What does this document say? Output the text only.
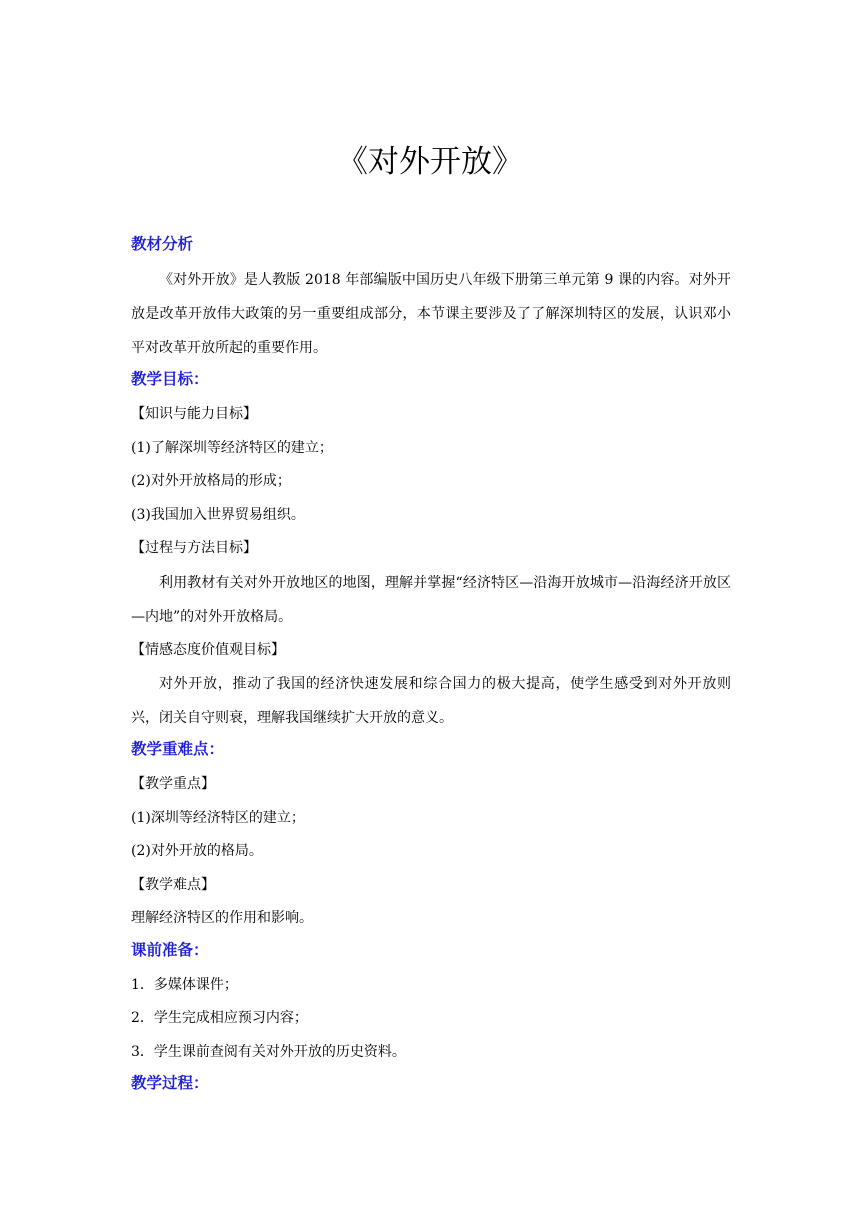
《对外开放》
教材分析

《对外开放》是人教版 2018 年部编版中国历史八年级下册第三单元第 9 课的内容。对外开放是改革开放伟大政策的另一重要组成部分，本节课主要涉及了了解深圳特区的发展，认识邓小平对改革开放所起的重要作用。

教学目标：
【知识与能力目标】
(1)了解深圳等经济特区的建立；
(2)对外开放格局的形成；
(3)我国加入世界贸易组织。
【过程与方法目标】

利用教材有关对外开放地区的地图，理解并掌握“经济特区—沿海开放城市—沿海经济开放区—内地”的对外开放格局。

【情感态度价值观目标】

对外开放，推动了我国的经济快速发展和综合国力的极大提高，使学生感受到对外开放则兴，闭关自守则衰，理解我国继续扩大开放的意义。

教学重难点：
【教学重点】
(1)深圳等经济特区的建立；
(2)对外开放的格局。
【教学难点】
理解经济特区的作用和影响。
课前准备：
1．多媒体课件；
2．学生完成相应预习内容；
3．学生课前查阅有关对外开放的历史资料。
教学过程：
